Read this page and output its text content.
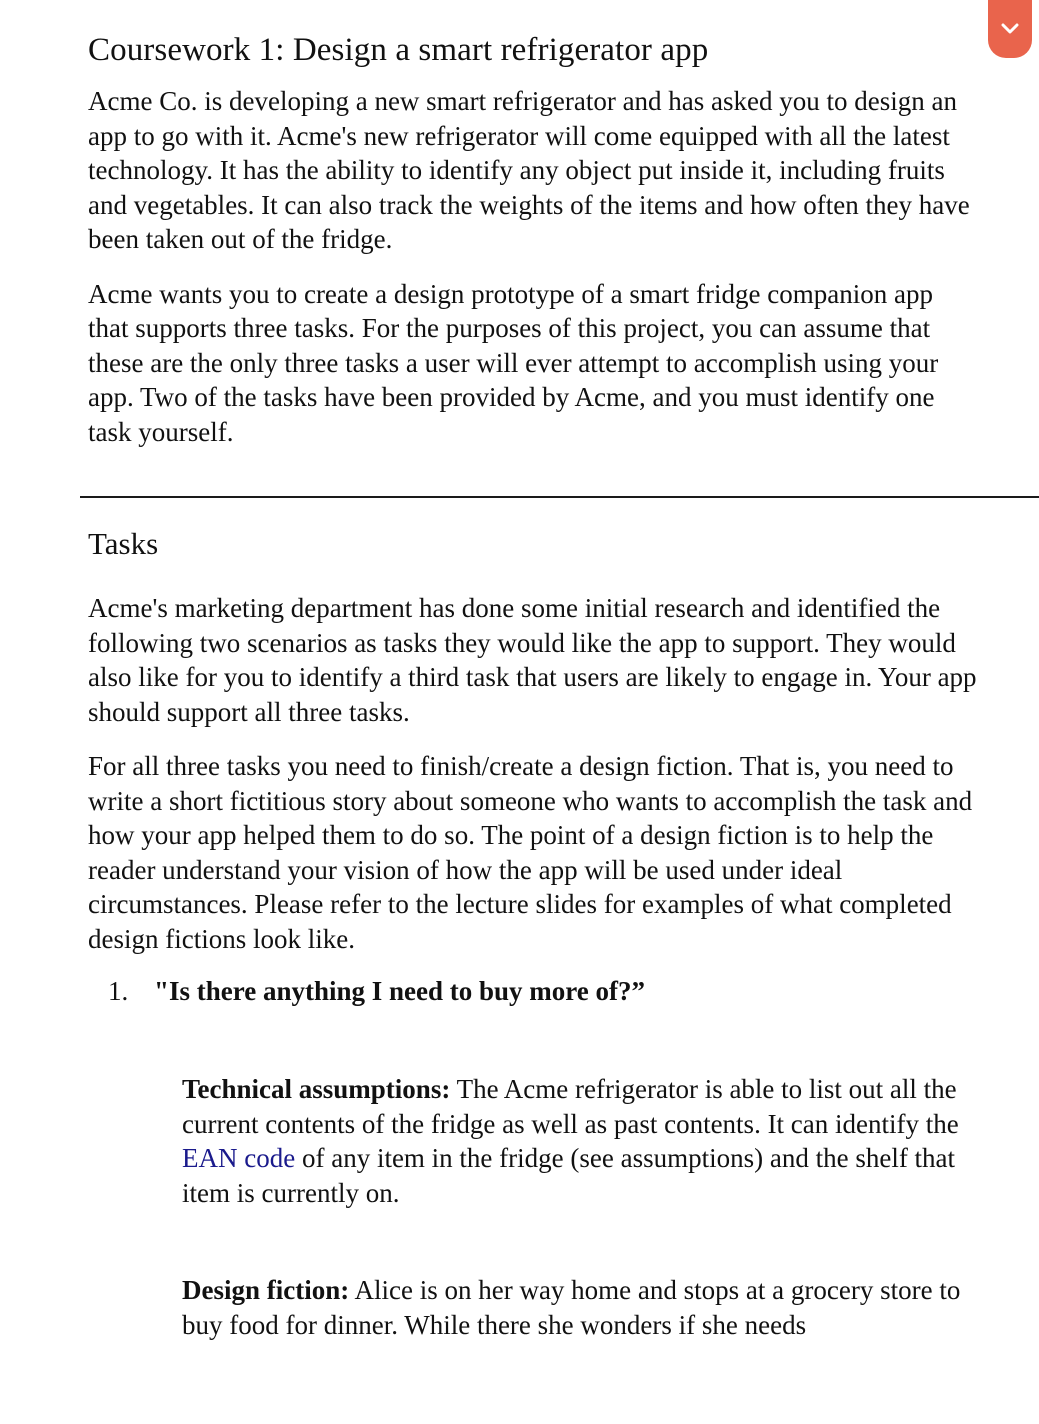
Coursework 1: Design a smart refrigerator app

Acme Co. is developing a new smart refrigerator and has asked you to design an app to go with it. Acme's new refrigerator will come equipped with all the latest technology. It has the ability to identify any object put inside it, including fruits and vegetables. It can also track the weights of the items and how often they have been taken out of the fridge.

Acme wants you to create a design prototype of a smart fridge companion app that supports three tasks. For the purposes of this project, you can assume that these are the only three tasks a user will ever attempt to accomplish using your app. Two of the tasks have been provided by Acme, and you must identify one task yourself.

Tasks

Acme's marketing department has done some initial research and identified the following two scenarios as tasks they would like the app to support. They would also like for you to identify a third task that users are likely to engage in. Your app should support all three tasks.

For all three tasks you need to finish/create a design fiction. That is, you need to write a short fictitious story about someone who wants to accomplish the task and how your app helped them to do so. The point of a design fiction is to help the reader understand your vision of how the app will be used under ideal circumstances. Please refer to the lecture slides for examples of what completed design fictions look like.

1. "Is there anything I need to buy more of?”

Technical assumptions: The Acme refrigerator is able to list out all the current contents of the fridge as well as past contents. It can identify the EAN code of any item in the fridge (see assumptions) and the shelf that item is currently on.

Design fiction: Alice is on her way home and stops at a grocery store to buy food for dinner. While there she wonders if she needs
